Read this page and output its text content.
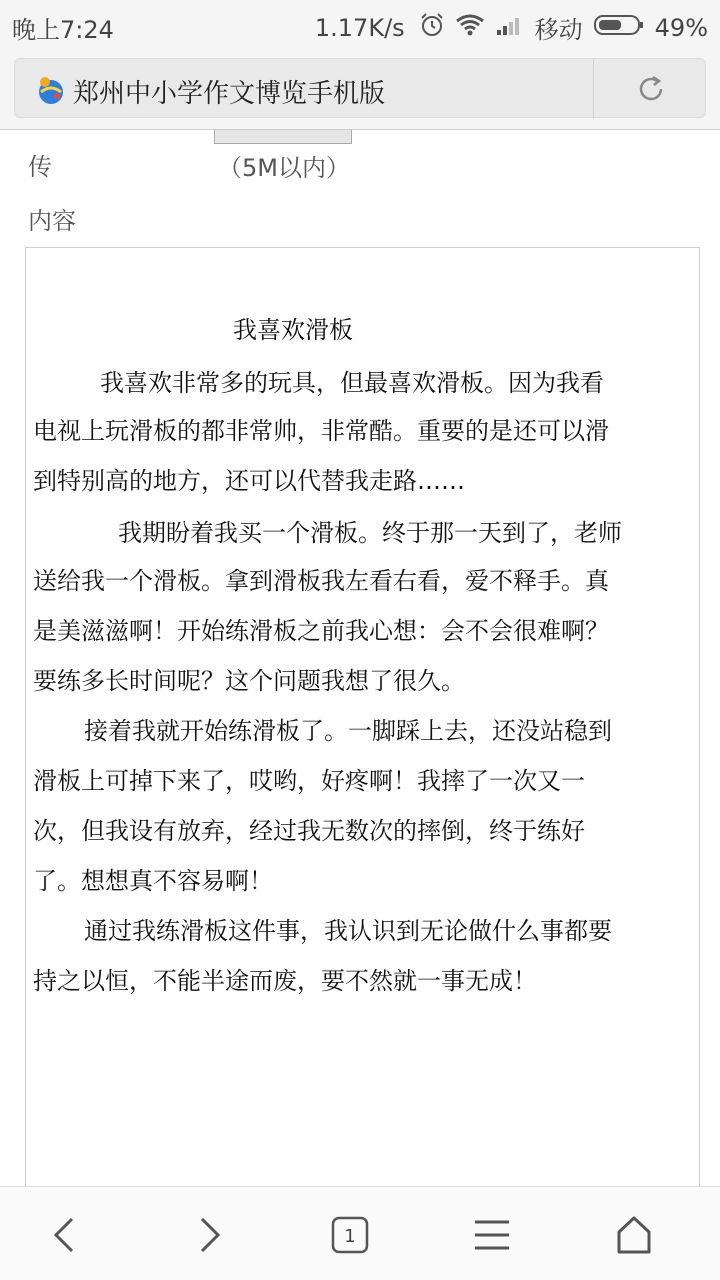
晚上7:24	1.17K/s	移动	49%
郑州中小学作文博览手机版
传	（5M以内）
内容
我喜欢滑板
我喜欢非常多的玩具，但最喜欢滑板。因为我看
电视上玩滑板的都非常帅，非常酷。重要的是还可以滑
到特别高的地方，还可以代替我走路……
我期盼着我买一个滑板。终于那一天到了，老师
送给我一个滑板。拿到滑板我左看右看，爱不释手。真
是美滋滋啊！开始练滑板之前我心想：会不会很难啊？
要练多长时间呢？这个问题我想了很久。
接着我就开始练滑板了。一脚踩上去，还没站稳到
滑板上可掉下来了，哎哟，好疼啊！我摔了一次又一
次，但我设有放弃，经过我无数次的摔倒，终于练好
了。想想真不容易啊！
通过我练滑板这件事，我认识到无论做什么事都要
持之以恒，不能半途而废，要不然就一事无成！
1
